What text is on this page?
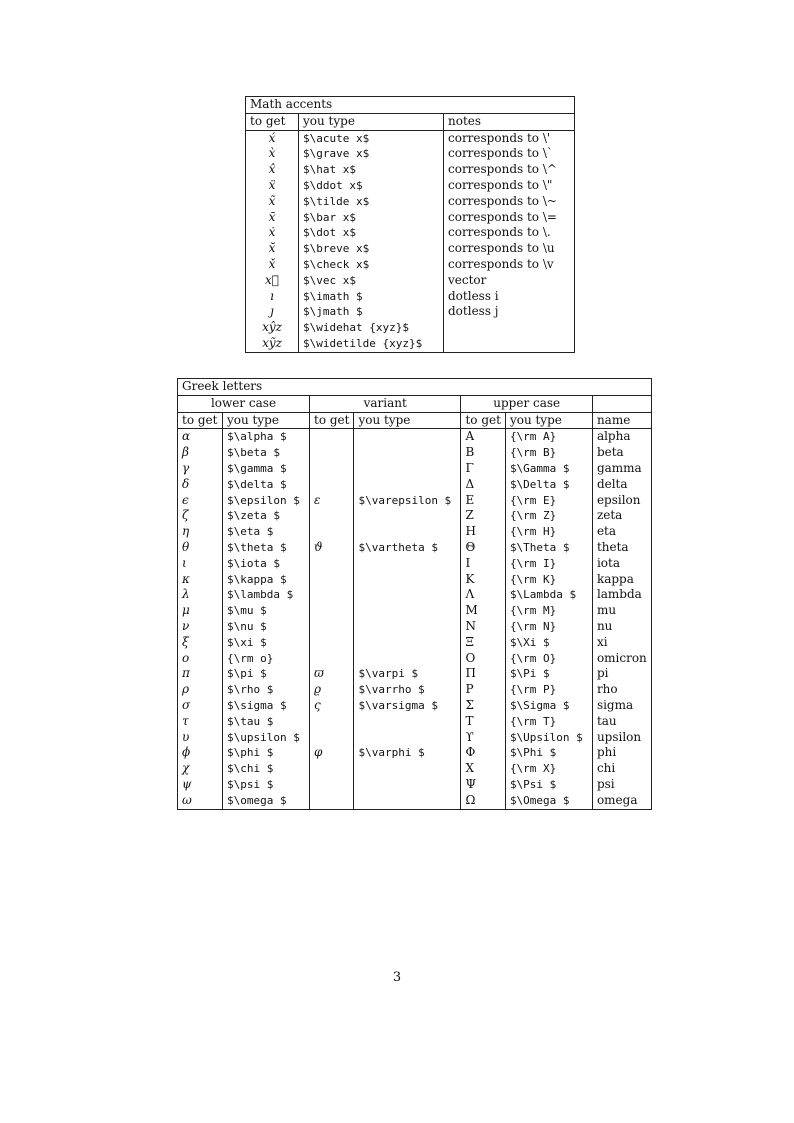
Math accents		
to get	you type	notes
x́	$\acute x$	corresponds to \'
x̀	$\grave x$	corresponds to \`
x̂	$\hat x$	corresponds to \^
ẍ	$\ddot x$	corresponds to \"
x̃	$\tilde x$	corresponds to \~
x̄	$\bar x$	corresponds to \=
ẋ	$\dot x$	corresponds to \.
x̆	$\breve x$	corresponds to \u
x̌	$\check x$	corresponds to \v
x⃗	$\vec x$	vector
ı	$\imath $	dotless i
ȷ	$\jmath $	dotless j
xŷz	$\widehat {xyz}$	
xỹz	$\widetilde {xyz}$	
Greek letters						
lower case		variant		upper case		
to get	you type	to get	you type	to get	you type	name
α	$\alpha $			A	{\rm A}	alpha
β	$\beta $			B	{\rm B}	beta
γ	$\gamma $			Γ	$\Gamma $	gamma
δ	$\delta $			Δ	$\Delta $	delta
ϵ	$\epsilon $	ε	$\varepsilon $	E	{\rm E}	epsilon
ζ	$\zeta $			Z	{\rm Z}	zeta
η	$\eta $			H	{\rm H}	eta
θ	$\theta $	ϑ	$\vartheta $	Θ	$\Theta $	theta
ι	$\iota $			I	{\rm I}	iota
κ	$\kappa $			K	{\rm K}	kappa
λ	$\lambda $			Λ	$\Lambda $	lambda
μ	$\mu $			M	{\rm M}	mu
ν	$\nu $			N	{\rm N}	nu
ξ	$\xi $			Ξ	$\Xi $	xi
o	{\rm o}			O	{\rm O}	omicron
π	$\pi $	ϖ	$\varpi $	Π	$\Pi $	pi
ρ	$\rho $	ϱ	$\varrho $	P	{\rm P}	rho
σ	$\sigma $	ς	$\varsigma $	Σ	$\Sigma $	sigma
τ	$\tau $			T	{\rm T}	tau
υ	$\upsilon $			ϒ	$\Upsilon $	upsilon
ϕ	$\phi $	φ	$\varphi $	Φ	$\Phi $	phi
χ	$\chi $			X	{\rm X}	chi
ψ	$\psi $			Ψ	$\Psi $	psi
ω	$\omega $			Ω	$\Omega $	omega
3
